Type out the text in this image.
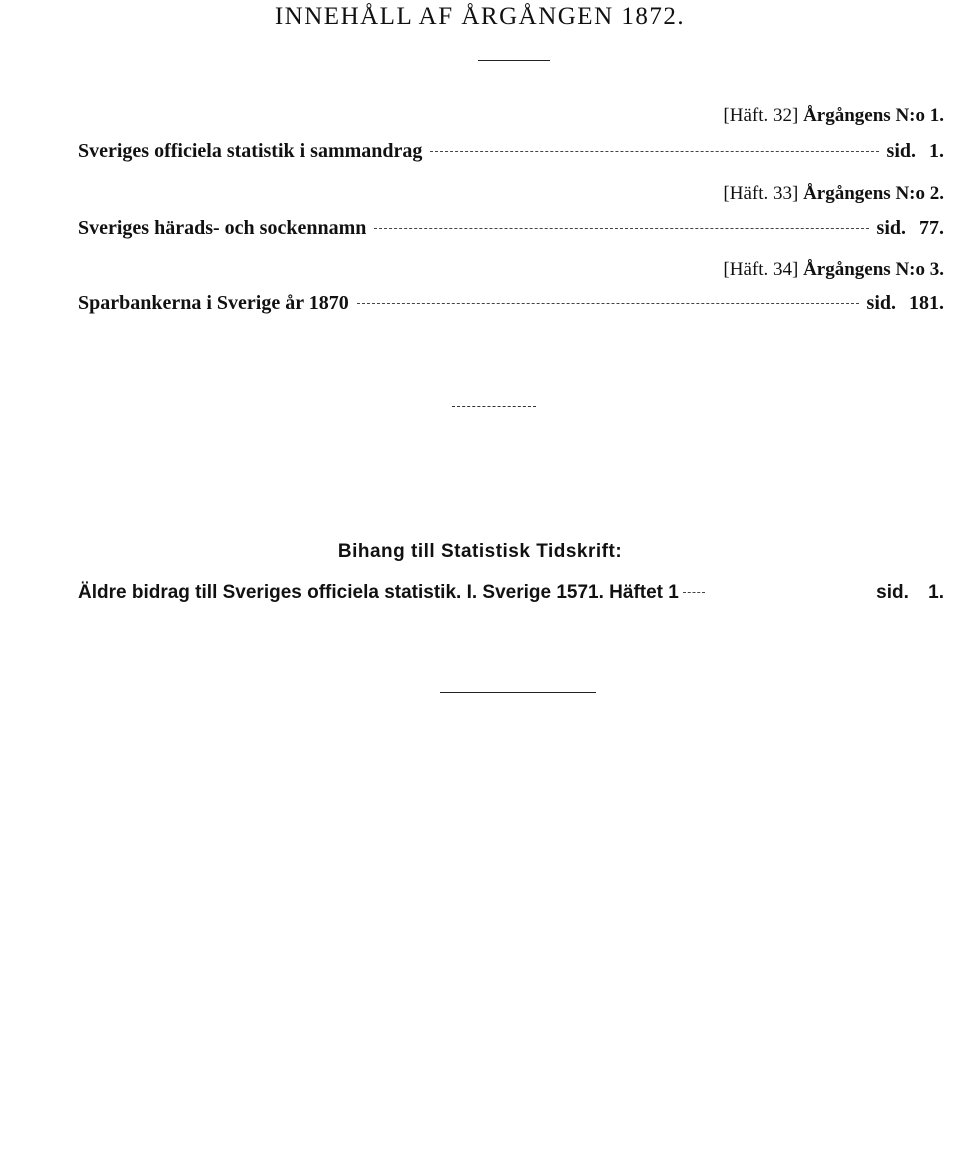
INNEHÅLL AF ÅRGÅNGEN 1872.
[Häft. 32] Årgångens N:o 1.
Sveriges officiela statistik i sammandrag	sid. 1.
[Häft. 33] Årgångens N:o 2.
Sveriges härads- och sockennamn	sid. 77.
[Häft. 34] Årgångens N:o 3.
Sparbankerna i Sverige år 1870	sid. 181.
Bihang till Statistisk Tidskrift:
Äldre bidrag till Sveriges officiela statistik. I. Sverige 1571. Häftet 1	sid. 1.
